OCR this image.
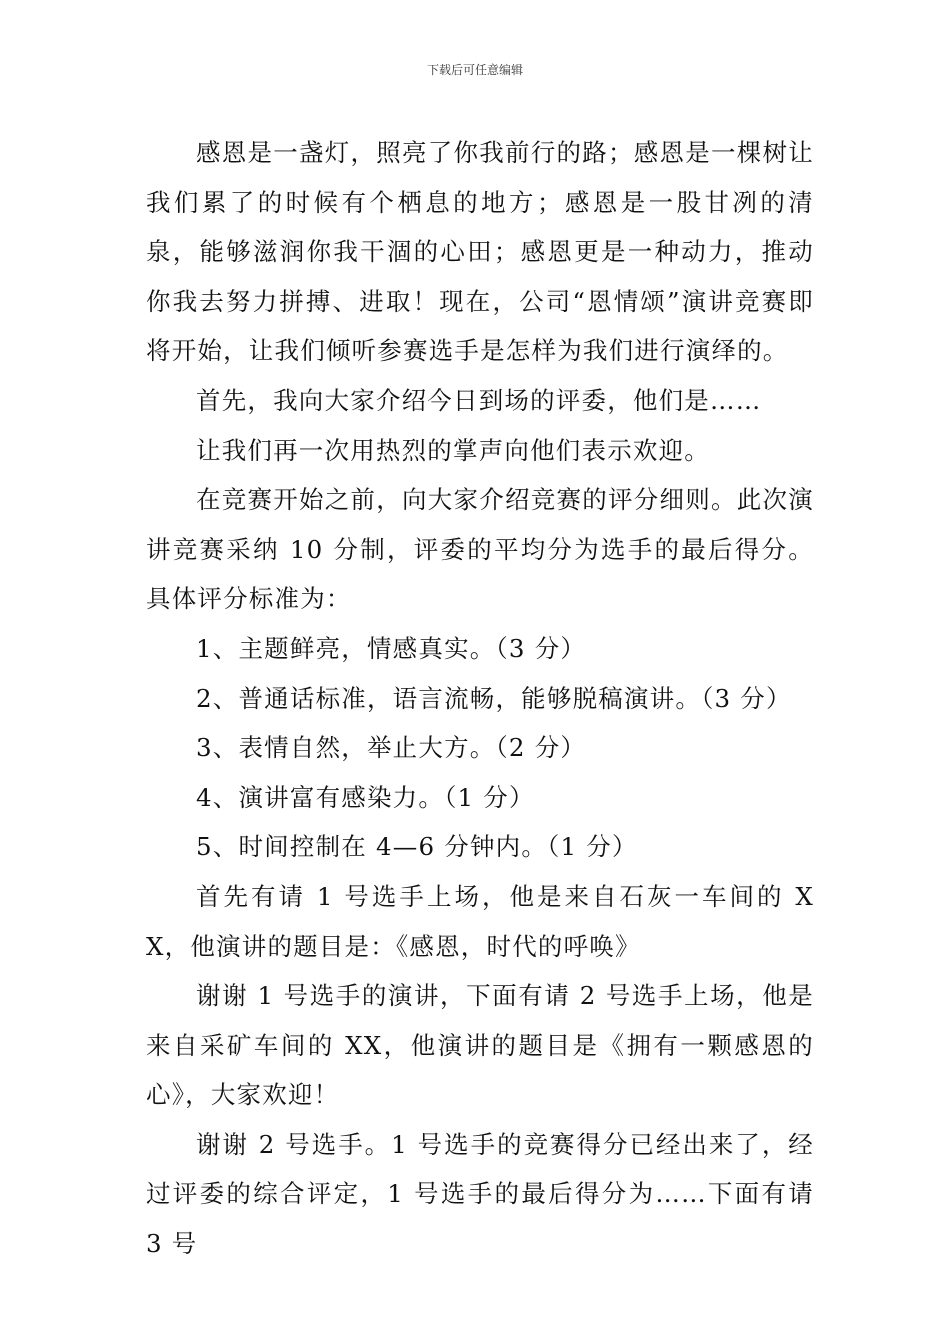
下载后可任意编辑

感恩是一盏灯，照亮了你我前行的路；感恩是一棵树让我们累了的时候有个栖息的地方；感恩是一股甘冽的清泉，能够滋润你我干涸的心田；感恩更是一种动力，推动你我去努力拼搏、进取！现在，公司“恩情颂”演讲竞赛即将开始，让我们倾听参赛选手是怎样为我们进行演绎的。

首先，我向大家介绍今日到场的评委，他们是……

让我们再一次用热烈的掌声向他们表示欢迎。

在竞赛开始之前，向大家介绍竞赛的评分细则。此次演讲竞赛采纳 10 分制，评委的平均分为选手的最后得分。具体评分标准为：

1、主题鲜亮，情感真实。（3 分）

2、普通话标准，语言流畅，能够脱稿演讲。（3 分）

3、表情自然，举止大方。（2 分）

4、演讲富有感染力。（1 分）

5、时间控制在 4—6 分钟内。（1 分）

首先有请 1 号选手上场，他是来自石灰一车间的 XX，他演讲的题目是：《感恩，时代的呼唤》

谢谢 1 号选手的演讲，下面有请 2 号选手上场，他是来自采矿车间的 XX，他演讲的题目是《拥有一颗感恩的心》，大家欢迎！

谢谢 2 号选手。1 号选手的竞赛得分已经出来了，经过评委的综合评定，1 号选手的最后得分为……下面有请 3 号
